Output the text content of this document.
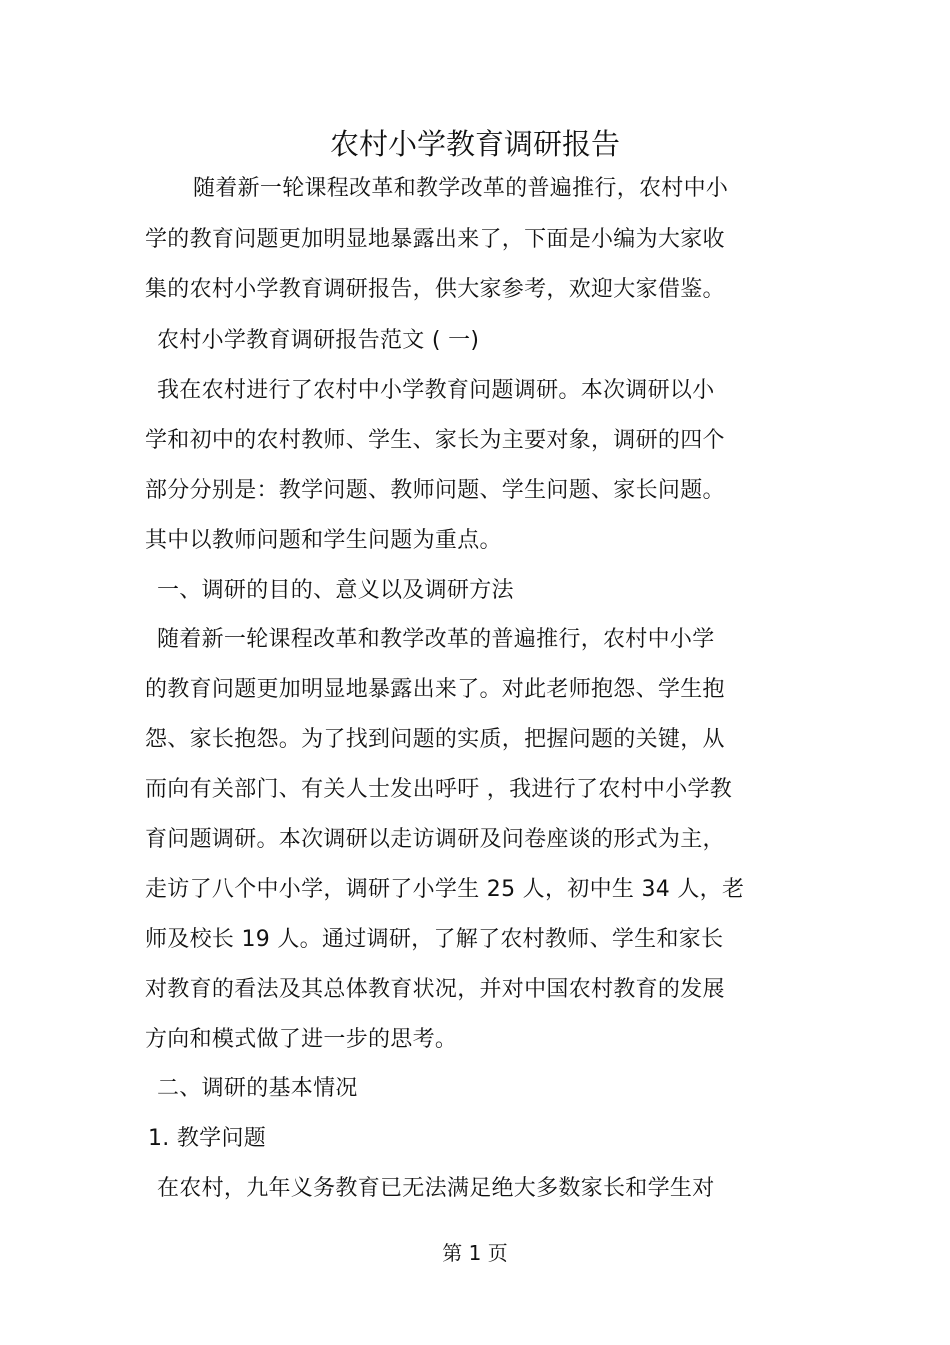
农村小学教育调研报告
随着新一轮课程改革和教学改革的普遍推行，农村中小
学的教育问题更加明显地暴露出来了，下面是小编为大家收
集的农村小学教育调研报告，供大家参考，欢迎大家借鉴。
农村小学教育调研报告范文 ( 一)
我在农村进行了农村中小学教育问题调研。本次调研以小
学和初中的农村教师、学生、家长为主要对象，调研的四个
部分分别是：教学问题、教师问题、学生问题、家长问题。
其中以教师问题和学生问题为重点。
一、调研的目的、意义以及调研方法
随着新一轮课程改革和教学改革的普遍推行，农村中小学
的教育问题更加明显地暴露出来了。对此老师抱怨、学生抱
怨、家长抱怨。为了找到问题的实质，把握问题的关键，从
而向有关部门、有关人士发出呼吁 ，我进行了农村中小学教
育问题调研。本次调研以走访调研及问卷座谈的形式为主，
走访了八个中小学，调研了小学生 25 人，初中生 34 人，老
师及校长 19 人。通过调研，了解了农村教师、学生和家长
对教育的看法及其总体教育状况，并对中国农村教育的发展
方向和模式做了进一步的思考。
二、调研的基本情况
1. 教学问题
在农村，九年义务教育已无法满足绝大多数家长和学生对
第 1 页
